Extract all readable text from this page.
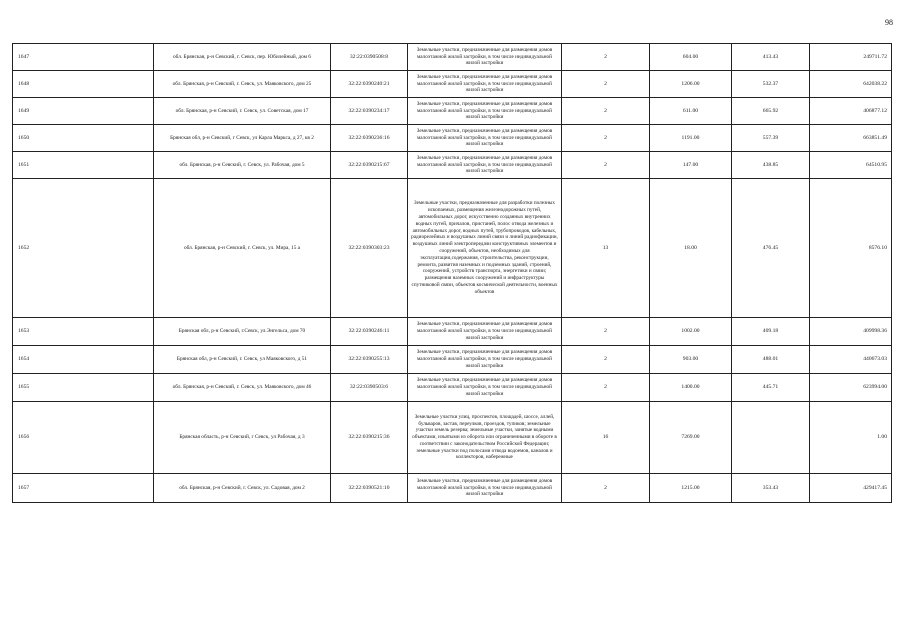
98
1647	обл. Брянская, р-н Севский, г. Севск, пер. Юбилейный, дом 6	32:22:0390508:8	Земельные участки, предназначенные для размещения домов малоэтажной жилой застройки, в том числе индивидуальной жилой застройки	2	604.00	413.43	249711.72
1648	обл. Брянская, р-н Севский, г. Севск, ул. Маяковского, дом 25	32:22:0390240:21	Земельные участки, предназначенные для размещения домов малоэтажной жилой застройки, в том числе индивидуальной жилой застройки	2	1206.00	532.37	642038.22
1649	обл. Брянская, р-н Севский, г. Севск, ул. Советская, дом 17	32:22:0390234:17	Земельные участки, предназначенные для размещения домов малоэтажной жилой застройки, в том числе индивидуальной жилой застройки	2	611.00	665.92	406877.12
1650	Брянская обл, р-н Севский, г Севск, ул Карла Маркса, д 27, кв 2	32:22:0390236:16	Земельные участки, предназначенные для размещения домов малоэтажной жилой застройки, в том числе индивидуальной жилой застройки	2	1191.00	557.39	663851.49
1651	обл. Брянская, р-н Севский, г. Севск, ул. Рабочая, дом 5	32:22:0390215:67	Земельные участки, предназначенные для размещения домов малоэтажной жилой застройки, в том числе индивидуальной жилой застройки	2	147.00	438.85	64510.95
1652	обл. Брянская, р-н Севский, г. Севск, ул. Мира, 15 а	32:22:0390303:23	Земельные участки, предназначенные для разработки полезных ископаемых, размещения железнодорожных путей, автомобильных дорог, искусственно созданных внутренних водных путей, причалов, пристаней, полос отвода железных и автомобильных дорог, водных путей, трубопроводов, кабельных, радиорелейных и воздушных линий связи и линий радиофикации, воздушных линий электропередачи конструктивных элементов и сооружений, объектов, необходимых для эксплуатации,содержания, строительства, реконструкции, ремонта, развития наземных и подземных зданий, строений, сооружений, устройств транспорта, энергетики и связи; размещения наземных сооружений и инфраструктуры спутниковой связи, объектов космической деятельности, военных объектов	13	18.00	476.45	8576.10
1653	Брянская обл, р-н Севский, г.Севск, ул.Энгельса, дом 70	32:22:0390246:11	Земельные участки, предназначенные для размещения домов малоэтажной жилой застройки, в том числе индивидуальной жилой застройки	2	1002.00	409.18	409998.36
1654	Брянская обл, р-н Севский, г. Севск, ул Маяковского, д 51	32:22:0390255:13	Земельные участки, предназначенные для размещения домов малоэтажной жилой застройки, в том числе индивидуальной жилой застройки	2	903.00	488.01	440673.03
1655	обл. Брянская, р-н Севский, г. Севск, ул. Маяковского, дом 46	32:22:0390503:6	Земельные участки, предназначенные для размещения домов малоэтажной жилой застройки, в том числе индивидуальной жилой застройки	2	1400.00	445.71	623994.00
1656	Брянская область, р-н Севский, г Севск, ул Рабочая, д 3	32:22:0390215:36	Земельные участки улиц, проспектов, площадей, шоссе, аллей, бульваров, застав, переулков, проездов, тупиков; земельные участки земель резерва; земельные участки, занятые водными объектами, изъятыми из оборота или ограниченными в обороте в соответствии с законодательством Российской Федерации; земельные участки под полосами отвода водоемов, каналов и коллекторов, набережные	16	7269.00		1.00
1657	обл. Брянская, р-н Севский, г. Севск, ул. Садовая, дом 2	32:22:0390521:10	Земельные участки, предназначенные для размещения домов малоэтажной жилой застройки, в том числе индивидуальной жилой застройки	2	1215.00	353.43	429417.45
